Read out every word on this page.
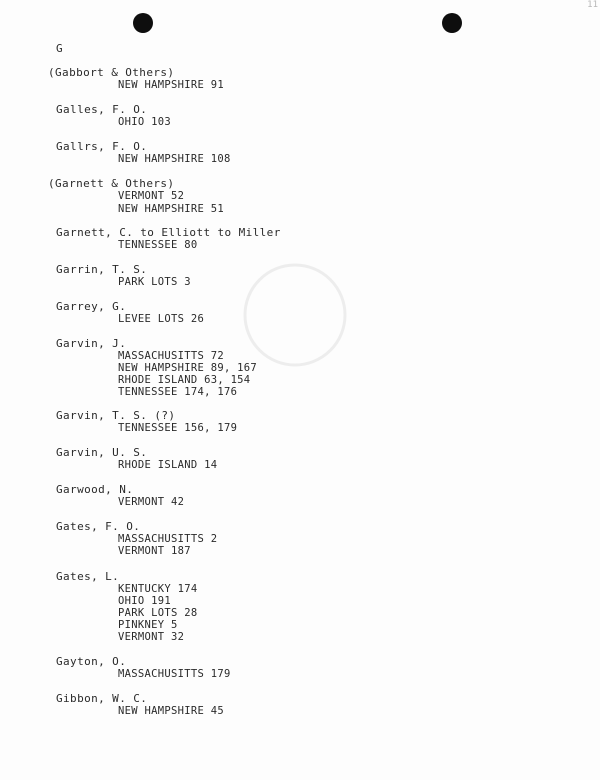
11
G
(Gabbort & Others)
NEW HAMPSHIRE 91
Galles, F. O.
OHIO 103
Gallrs, F. O.
NEW HAMPSHIRE 108
(Garnett & Others)
VERMONT 52
NEW HAMPSHIRE 51
Garnett, C. to Elliott to Miller
TENNESSEE 80
Garrin, T. S.
PARK LOTS 3
Garrey, G.
LEVEE LOTS 26
Garvin, J.
MASSACHUSITTS 72
NEW HAMPSHIRE 89, 167
RHODE ISLAND 63, 154
TENNESSEE 174, 176
Garvin, T. S. (?)
TENNESSEE 156, 179
Garvin, U. S.
RHODE ISLAND 14
Garwood, N.
VERMONT 42
Gates, F. O.
MASSACHUSITTS 2
VERMONT 187
Gates, L.
KENTUCKY 174
OHIO 191
PARK LOTS 28
PINKNEY 5
VERMONT 32
Gayton, O.
MASSACHUSITTS 179
Gibbon, W. C.
NEW HAMPSHIRE 45
